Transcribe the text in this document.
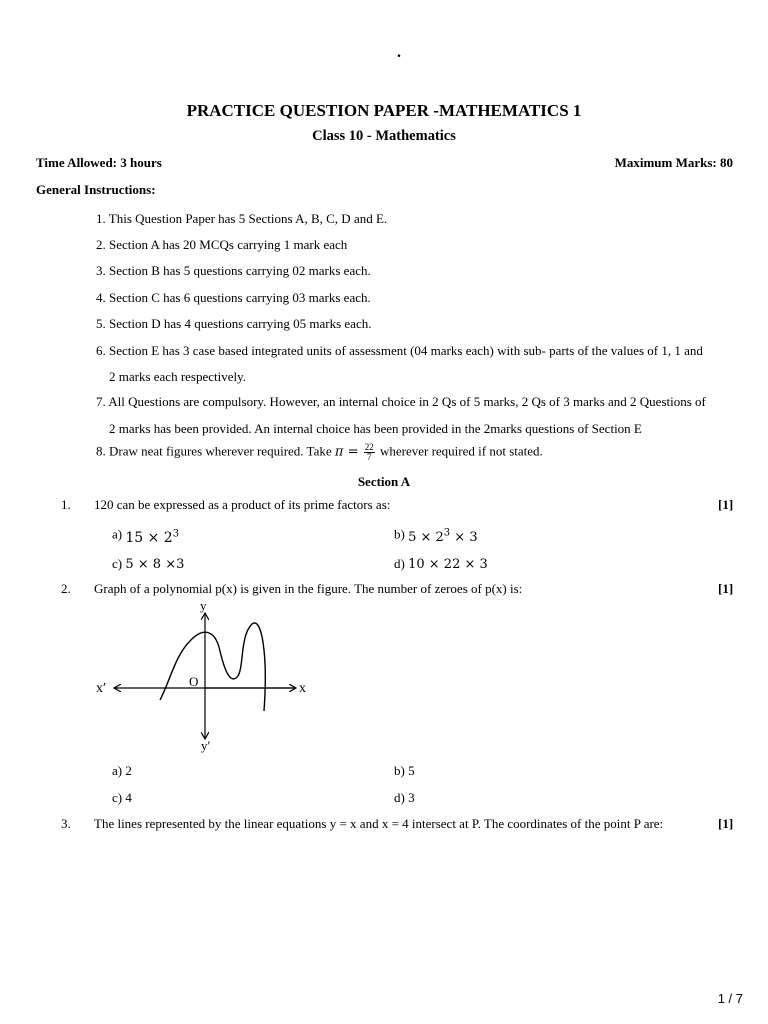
.
PRACTICE QUESTION PAPER -MATHEMATICS 1
Class 10 - Mathematics
Time Allowed: 3 hours	Maximum Marks: 80
General Instructions:
1. This Question Paper has 5 Sections A, B, C, D and E.
2. Section A has 20 MCQs carrying 1 mark each
3. Section B has 5 questions carrying 02 marks each.
4. Section C has 6 questions carrying 03 marks each.
5. Section D has 4 questions carrying 05 marks each.
6. Section E has 3 case based integrated units of assessment (04 marks each) with sub- parts of the values of 1, 1 and
2 marks each respectively.
7. All Questions are compulsory. However, an internal choice in 2 Qs of 5 marks, 2 Qs of 3 marks and 2 Questions of
2 marks has been provided. An internal choice has been provided in the 2marks questions of Section E
8. Draw neat figures wherever required. Take $\pi = \frac{22}{7}$ wherever required if not stated.
Section A
1. 120 can be expressed as a product of its prime factors as:	[1]
a) $15 \times 2^3$	b) $5 \times 2^3 \times 3$
c) 5 × 8 ×3	d) 10 × 22 × 3
2. Graph of a polynomial p(x) is given in the figure. The number of zeroes of p(x) is:	[1]
y
y′
x
x′	O
a) 2	b) 5
c) 4	d) 3
3. The lines represented by the linear equations y = x and x = 4 intersect at P. The coordinates of the point P are:	[1]
1 / 7
